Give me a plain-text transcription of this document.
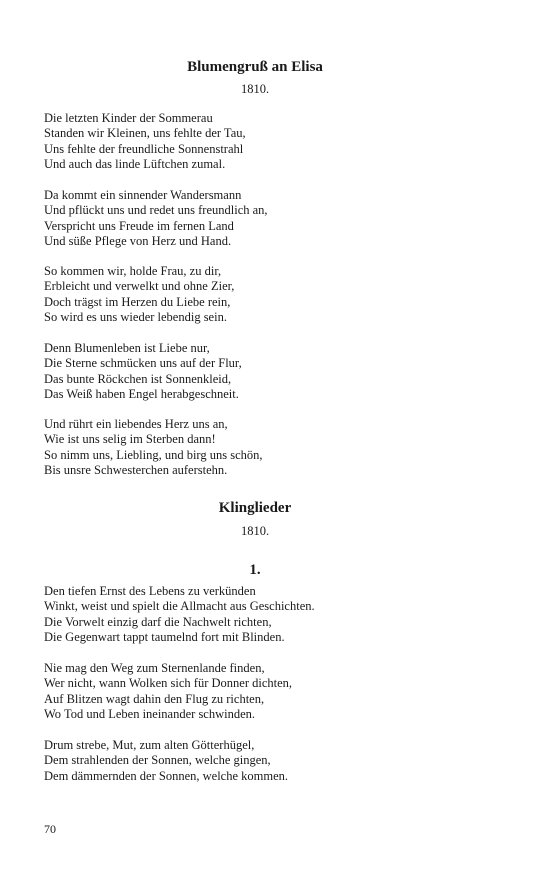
Blumengruß an Elisa
1810.
Die letzten Kinder der Sommerau
Standen wir Kleinen, uns fehlte der Tau,
Uns fehlte der freundliche Sonnenstrahl
Und auch das linde Lüftchen zumal.
Da kommt ein sinnender Wandersmann
Und pflückt uns und redet uns freundlich an,
Verspricht uns Freude im fernen Land
Und süße Pflege von Herz und Hand.
So kommen wir, holde Frau, zu dir,
Erbleicht und verwelkt und ohne Zier,
Doch trägst im Herzen du Liebe rein,
So wird es uns wieder lebendig sein.
Denn Blumenleben ist Liebe nur,
Die Sterne schmücken uns auf der Flur,
Das bunte Röckchen ist Sonnenkleid,
Das Weiß haben Engel herabgeschneit.
Und rührt ein liebendes Herz uns an,
Wie ist uns selig im Sterben dann!
So nimm uns, Liebling, und birg uns schön,
Bis unsre Schwesterchen auferstehn.
Klinglieder
1810.
1.
Den tiefen Ernst des Lebens zu verkünden
Winkt, weist und spielt die Allmacht aus Geschichten.
Die Vorwelt einzig darf die Nachwelt richten,
Die Gegenwart tappt taumelnd fort mit Blinden.
Nie mag den Weg zum Sternenlande finden,
Wer nicht, wann Wolken sich für Donner dichten,
Auf Blitzen wagt dahin den Flug zu richten,
Wo Tod und Leben ineinander schwinden.
Drum strebe, Mut, zum alten Götterhügel,
Dem strahlenden der Sonnen, welche gingen,
Dem dämmernden der Sonnen, welche kommen.
70
